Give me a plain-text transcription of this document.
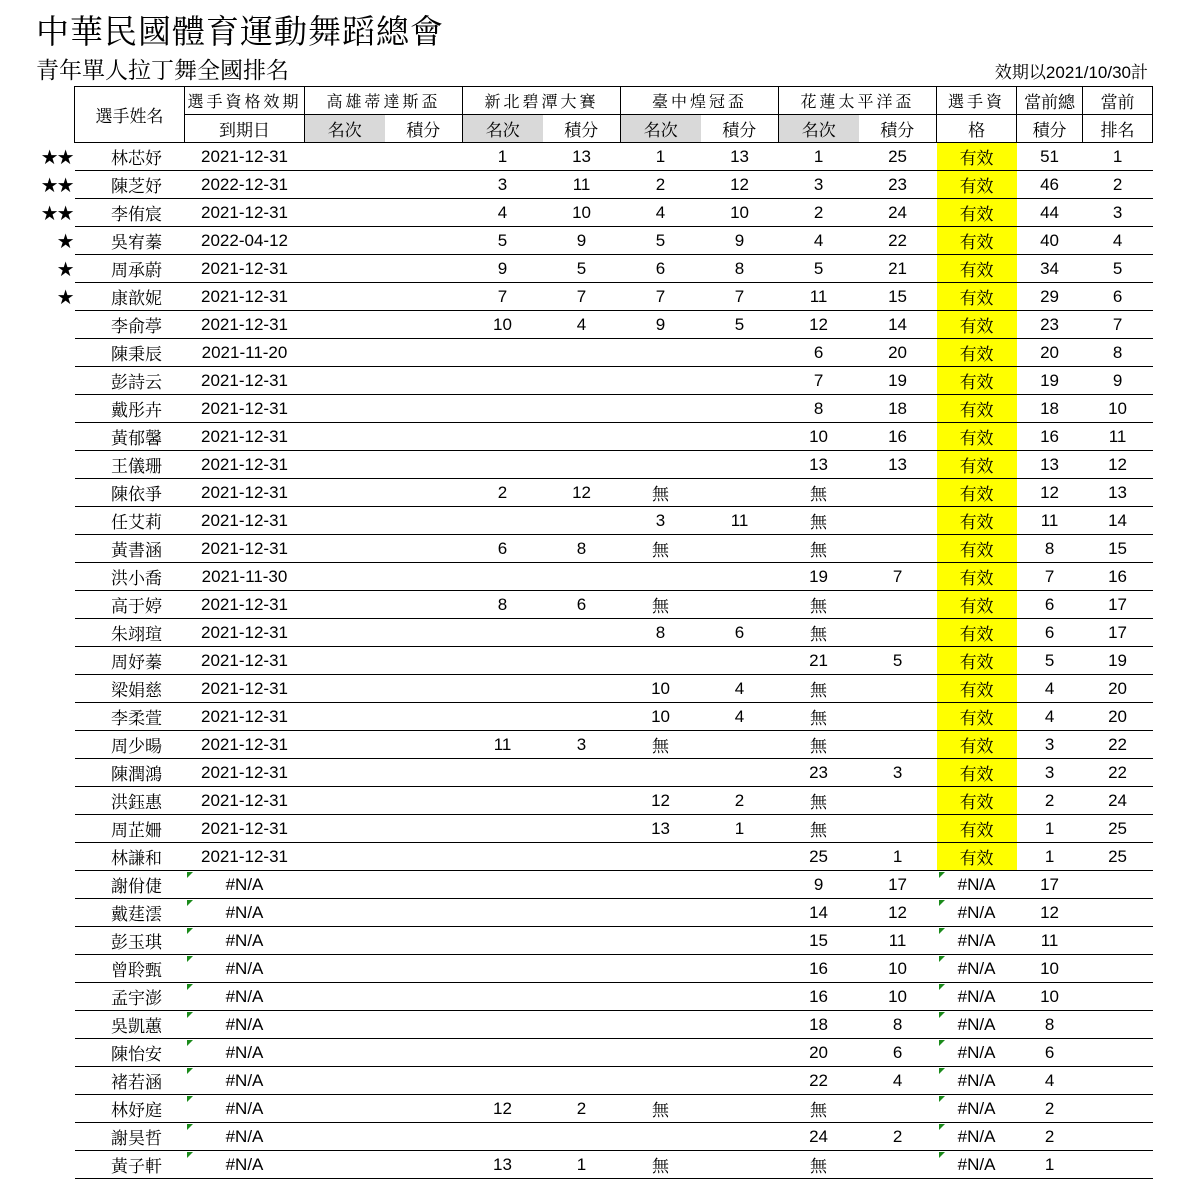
中華民國體育運動舞蹈總會
青年單人拉丁舞全國排名	效期以2021/10/30計
選手姓名	選手資格效期	高雄蒂達斯盃		新北碧潭大賽		臺中煌冠盃		花蓮太平洋盃		選手資	當前總	當前
	到期日	名次	積分	名次	積分	名次	積分	名次	積分	格	積分	排名

★★ 林芯妤	2021-12-31			1	13	1	13	1	25	有效	51	1

★★ 陳芝妤	2022-12-31			3	11	2	12	3	23	有效	46	2

★★ 李侑宸	2021-12-31			4	10	4	10	2	24	有效	44	3

★ 吳宥蓁	2022-04-12			5	9	5	9	4	22	有效	40	4

★ 周承蔚	2021-12-31			9	5	6	8	5	21	有效	34	5

★ 康歆妮	2021-12-31			7	7	7	7	11	15	有效	29	6
李俞葶	2021-12-31			10	4	9	5	12	14	有效	23	7
陳秉辰	2021-11-20							6	20	有效	20	8
彭詩云	2021-12-31							7	19	有效	19	9
戴彤卉	2021-12-31							8	18	有效	18	10
黃郁馨	2021-12-31							10	16	有效	16	11
王儀珊	2021-12-31							13	13	有效	13	12
陳依爭	2021-12-31			2	12	無		無		有效	12	13
任艾莉	2021-12-31					3	11	無		有效	11	14
黃書涵	2021-12-31			6	8	無		無		有效	8	15
洪小喬	2021-11-30							19	7	有效	7	16
高于婷	2021-12-31			8	6	無		無		有效	6	17
朱翊瑄	2021-12-31					8	6	無		有效	6	17
周妤蓁	2021-12-31							21	5	有效	5	19
梁娟慈	2021-12-31					10	4	無		有效	4	20
李柔萱	2021-12-31					10	4	無		有效	4	20
周少暘	2021-12-31			11	3	無		無		有效	3	22
陳潤鴻	2021-12-31							23	3	有效	3	22
洪鈺惠	2021-12-31					12	2	無		有效	2	24
周芷姍	2021-12-31					13	1	無		有效	1	25
林謙和	2021-12-31							25	1	有效	1	25
謝佾倢	#N/A							9	17	#N/A	17	
戴莛澐	#N/A							14	12	#N/A	12	
彭玉琪	#N/A							15	11	#N/A	11	
曾聆甄	#N/A							16	10	#N/A	10	
孟宇澎	#N/A							16	10	#N/A	10	
吳凱蕙	#N/A							18	8	#N/A	8	
陳怡安	#N/A							20	6	#N/A	6	
褚若涵	#N/A							22	4	#N/A	4	
林妤庭	#N/A			12	2	無		無		#N/A	2	
謝昊哲	#N/A							24	2	#N/A	2	
黃子軒	#N/A			13	1	無		無		#N/A	1	
